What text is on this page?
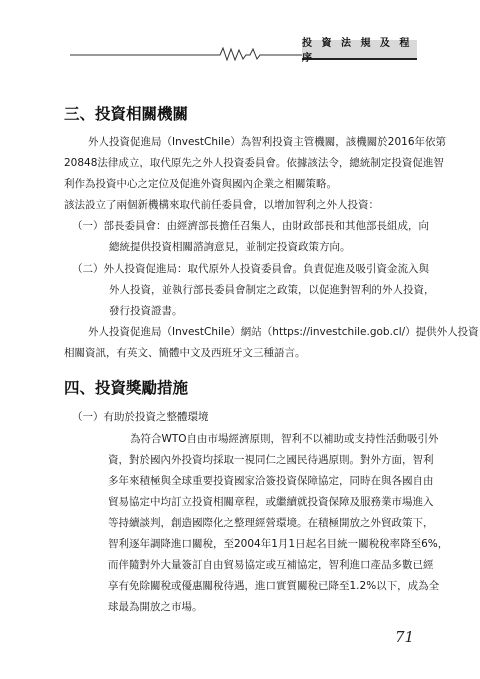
投 資 法 規 及 程 序
三、投資相關機關
外人投資促進局（InvestChile）為智利投資主管機關，該機關於2016年依第
20848法律成立，取代原先之外人投資委員會。依據該法令，總統制定投資促進智
利作為投資中心之定位及促進外資與國內企業之相關策略。
該法設立了兩個新機構來取代前任委員會，以增加智利之外人投資：
（一）部長委員會：由經濟部長擔任召集人，由財政部長和其他部長組成，向
總統提供投資相關諮詢意見，並制定投資政策方向。
（二）外人投資促進局：取代原外人投資委員會。負責促進及吸引資金流入與
外人投資，並執行部長委員會制定之政策，以促進對智利的外人投資，
發行投資證書。
外人投資促進局（InvestChile）網站（https://investchile.gob.cl/）提供外人投資
相關資訊，有英文、簡體中文及西班牙文三種語言。
四、投資獎勵措施
（一）有助於投資之整體環境
為符合WTO自由市場經濟原則，智利不以補助或支持性活動吸引外
資，對於國內外投資均採取一視同仁之國民待遇原則。對外方面，智利
多年來積極與全球重要投資國家洽簽投資保障協定，同時在與各國自由
貿易協定中均訂立投資相關章程，或繼續就投資保障及服務業市場進入
等持續談判，創造國際化之整理經營環境。在積極開放之外貿政策下，
智利逐年調降進口關稅，至2004年1月1日起名目統一關稅稅率降至6%，
而伴隨對外大量簽訂自由貿易協定或互補協定，智利進口產品多數已經
享有免除關稅或優惠關稅待遇，進口實質關稅已降至1.2%以下，成為全
球最為開放之市場。
71
